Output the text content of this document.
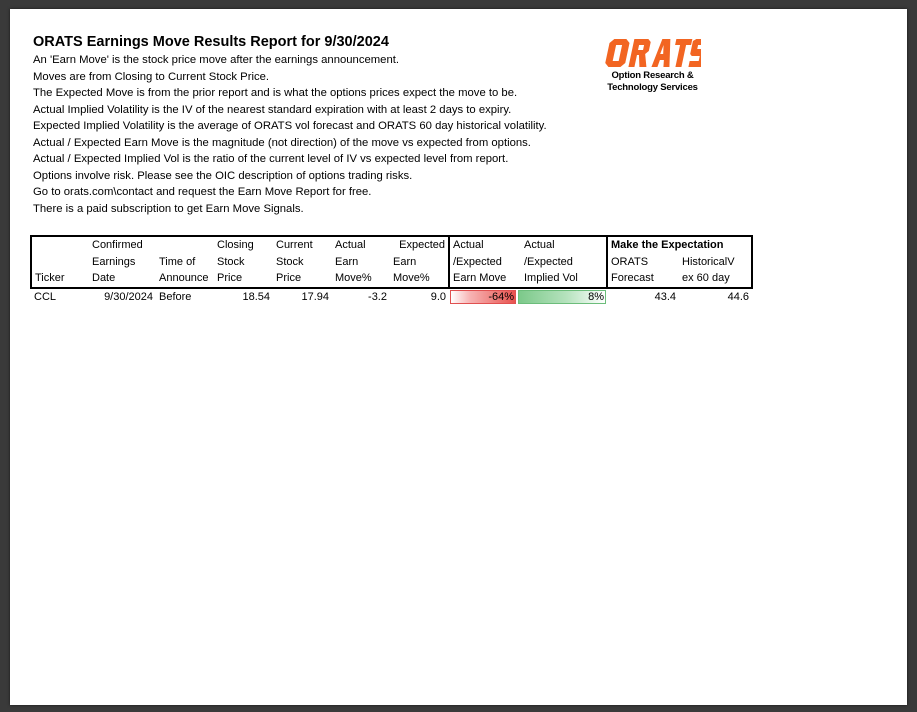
ORATS Earnings Move Results Report for 9/30/2024
An 'Earn Move' is the stock price move after the earnings announcement.
Moves are from Closing to Current Stock Price.
The Expected Move is from the prior report and is what the options prices expect the move to be.
Actual Implied Volatility is the IV of the nearest standard expiration with at least 2 days to expiry.
Expected Implied Volatility is the average of ORATS vol forecast and ORATS 60 day historical volatility.
Actual / Expected Earn Move is the magnitude (not direction) of the move vs expected from options.
Actual / Expected Implied Vol is the ratio of the current level of IV vs expected level from report.
Options involve risk. Please see the OIC description of options trading risks.
Go to orats.com\contact and request the Earn Move Report for free.
There is a paid subscription to get Earn Move Signals.
Option Research &
Technology Services
	Confirmed		Closing	Current	Actual	Expected	Actual	Actual	Make the Expectation	
	Earnings	Time of	Stock	Stock	Earn	Earn	/Expected	/Expected	ORATS	HistoricalV
Ticker	Date	Announce	Price	Price	Move%	Move%	Earn Move	Implied Vol	Forecast	ex 60 day
CCL	9/30/2024	Before	18.54	17.94	-3.2	9.0	-64%	8%	43.4	44.6
